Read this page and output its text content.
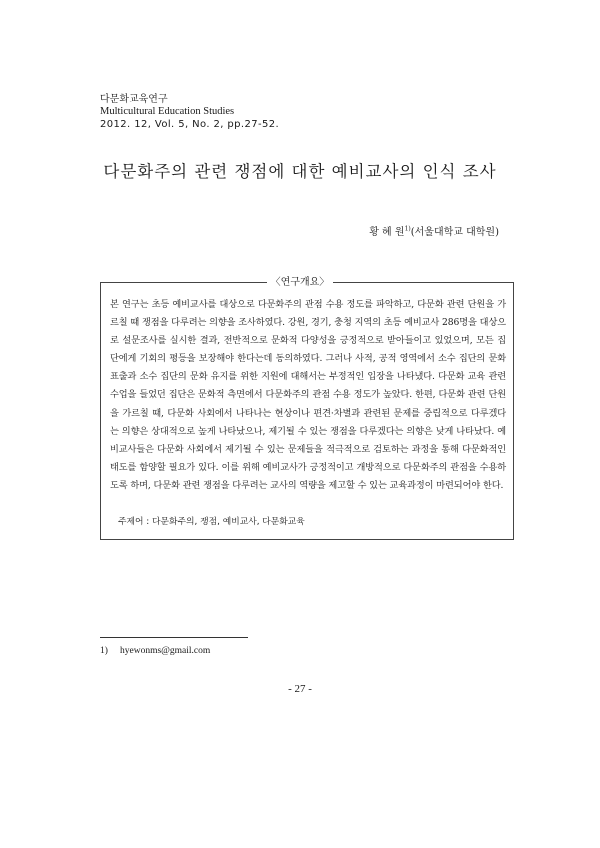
다문화교육연구
Multicultural Education Studies
2012. 12, Vol. 5, No. 2, pp.27-52.
다문화주의 관련 쟁점에 대한 예비교사의 인식 조사
황 혜 원$^{1)}$(서울대학교 대학원)
〈연구개요〉
본 연구는 초등 예비교사를 대상으로 다문화주의 관점 수용 정도를 파악하고, 다문화 관련 단원을 가르칠 때 쟁점을 다루려는 의향을 조사하였다. 강원, 경기, 충청 지역의 초등 예비교사 286명을 대상으로 설문조사를 실시한 결과, 전반적으로 문화적 다양성을 긍정적으로 받아들이고 있었으며, 모든 집단에게 기회의 평등을 보장해야 한다는데 동의하였다. 그러나 사적, 공적 영역에서 소수 집단의 문화 표출과 소수 집단의 문화 유지를 위한 지원에 대해서는 부정적인 입장을 나타냈다. 다문화 교육 관련 수업을 들었던 집단은 문화적 측면에서 다문화주의 관점 수용 정도가 높았다. 한편, 다문화 관련 단원을 가르칠 때, 다문화 사회에서 나타나는 현상이나 편견·차별과 관련된 문제를 중립적으로 다루겠다는 의향은 상대적으로 높게 나타났으나, 제기될 수 있는 쟁점을 다루겠다는 의향은 낮게 나타났다. 예비교사들은 다문화 사회에서 제기될 수 있는 문제들을 적극적으로 검토하는 과정을 통해 다문화적인 태도를 함양할 필요가 있다. 이를 위해 예비교사가 긍정적이고 개방적으로 다문화주의 관점을 수용하도록 하며, 다문화 관련 쟁점을 다루려는 교사의 역량을 제고할 수 있는 교육과정이 마련되어야 한다.
주제어 : 다문화주의, 쟁점, 예비교사, 다문화교육
1) hyewonms@gmail.com
- 27 -
